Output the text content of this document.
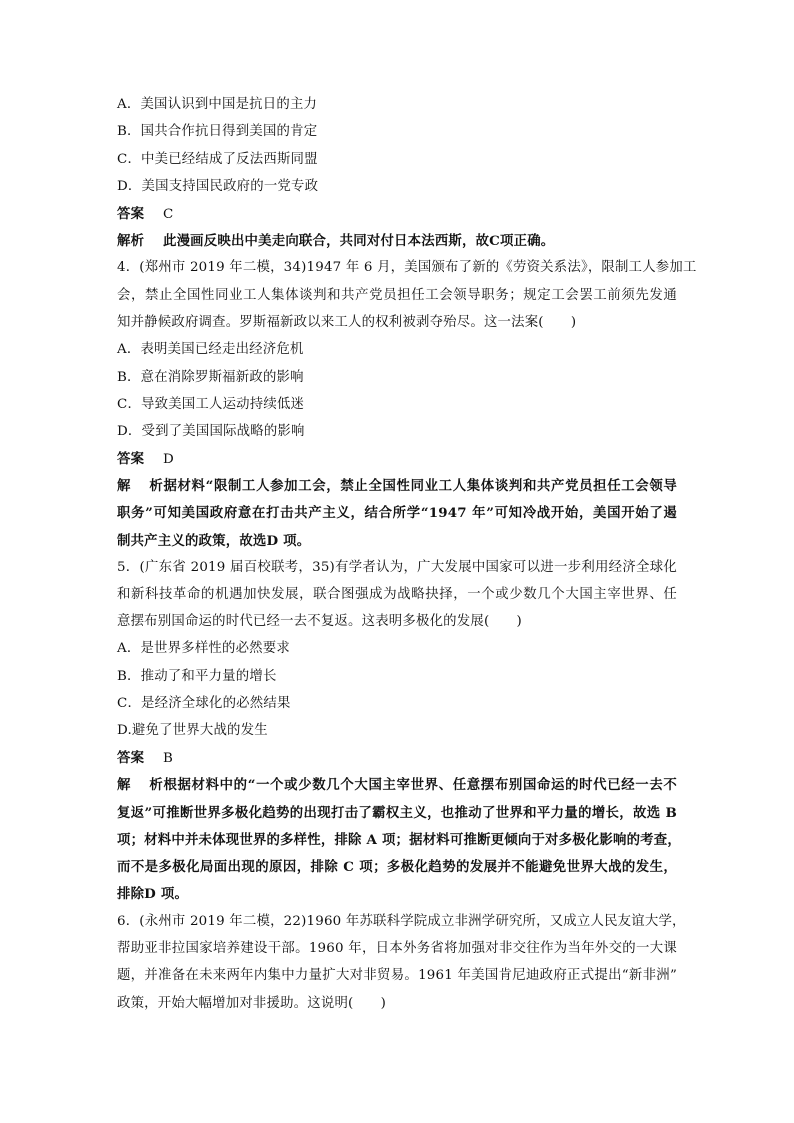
A．美国认识到中国是抗日的主力
B．国共合作抗日得到美国的肯定
C．中美已经结成了反法西斯同盟
D．美国支持国民政府的一党专政
答案 C
解析 此漫画反映出中美走向联合，共同对付日本法西斯，故C项正确。
4．(郑州市 2019 年二模，34)1947 年 6 月，美国颁布了新的《劳资关系法》，限制工人参加工
会，禁止全国性同业工人集体谈判和共产党员担任工会领导职务；规定工会罢工前须先发通
知并静候政府调查。罗斯福新政以来工人的权利被剥夺殆尽。这一法案(　　)
A．表明美国已经走出经济危机
B．意在消除罗斯福新政的影响
C．导致美国工人运动持续低迷
D．受到了美国国际战略的影响
答案 D
解析据材料“限制工人参加工会，禁止全国性同业工人集体谈判和共产党员担任工会领导
职务”可知美国政府意在打击共产主义，结合所学“1947 年”可知冷战开始，美国开始了遏
制共产主义的政策，故选D 项。
5．(广东省 2019 届百校联考，35)有学者认为，广大发展中国家可以进一步利用经济全球化
和新科技革命的机遇加快发展，联合图强成为战略抉择，一个或少数几个大国主宰世界、任
意摆布别国命运的时代已经一去不复返。这表明多极化的发展(　　)
A．是世界多样性的必然要求
B．推动了和平力量的增长
C．是经济全球化的必然结果
D.避免了世界大战的发生
答案 B
解析根据材料中的“一个或少数几个大国主宰世界、任意摆布别国命运的时代已经一去不
复返”可推断世界多极化趋势的出现打击了霸权主义，也推动了世界和平力量的增长，故选 B
项；材料中并未体现世界的多样性，排除 A 项；据材料可推断更倾向于对多极化影响的考查，
而不是多极化局面出现的原因，排除 C 项；多极化趋势的发展并不能避免世界大战的发生，
排除D 项。
6．(永州市 2019 年二模，22)1960 年苏联科学院成立非洲学研究所，又成立人民友谊大学，
帮助亚非拉国家培养建设干部。1960 年，日本外务省将加强对非交往作为当年外交的一大课
题，并准备在未来两年内集中力量扩大对非贸易。1961 年美国肯尼迪政府正式提出“新非洲”
政策，开始大幅增加对非援助。这说明(　　)
